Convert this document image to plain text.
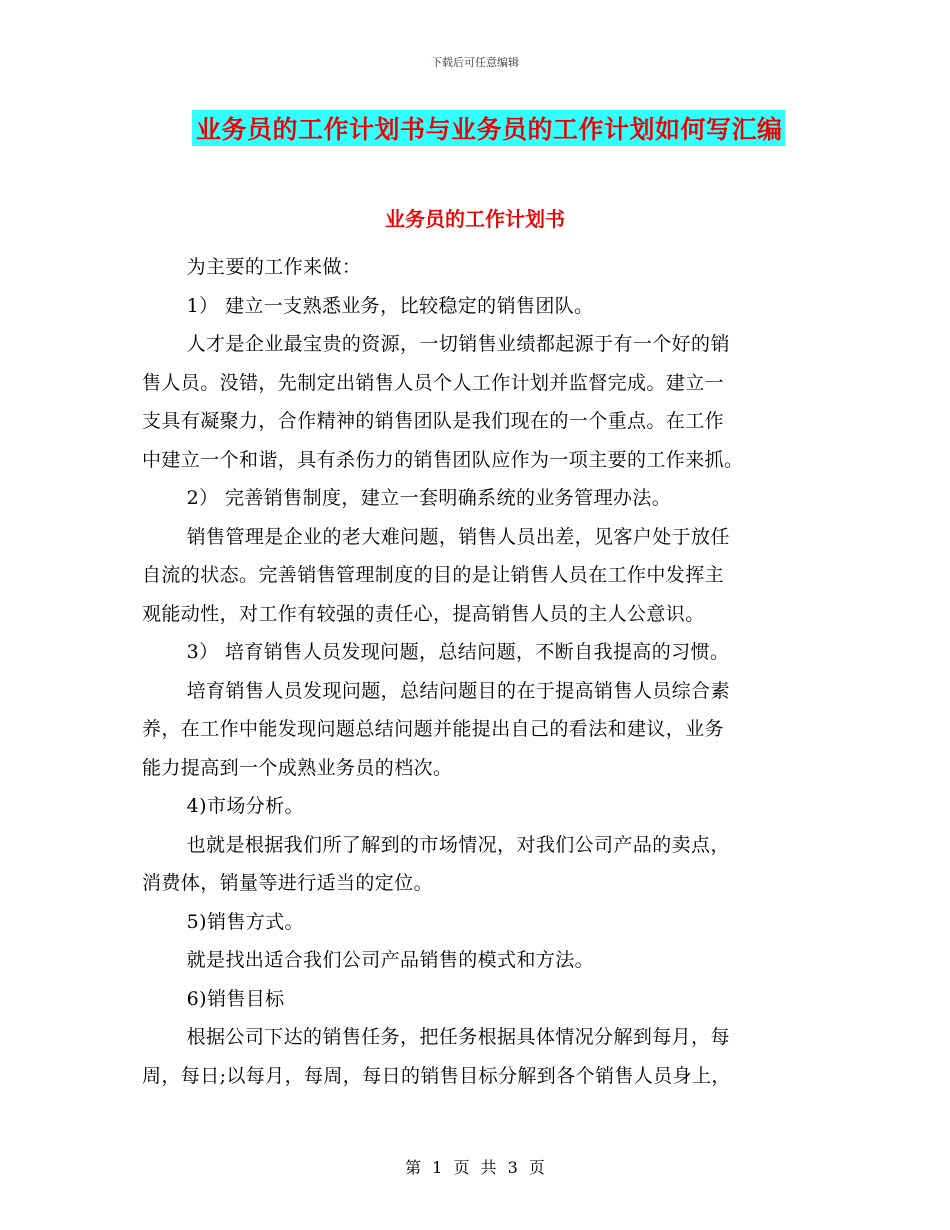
下载后可任意编辑
业务员的工作计划书与业务员的工作计划如何写汇编
业务员的工作计划书

为主要的工作来做：

1） 建立一支熟悉业务，比较稳定的销售团队。

人才是企业最宝贵的资源，一切销售业绩都起源于有一个好的销

售人员。没错，先制定出销售人员个人工作计划并监督完成。建立一

支具有凝聚力，合作精神的销售团队是我们现在的一个重点。在工作

中建立一个和谐，具有杀伤力的销售团队应作为一项主要的工作来抓。

2） 完善销售制度，建立一套明确系统的业务管理办法。

销售管理是企业的老大难问题，销售人员出差，见客户处于放任

自流的状态。完善销售管理制度的目的是让销售人员在工作中发挥主

观能动性，对工作有较强的责任心，提高销售人员的主人公意识。

3） 培育销售人员发现问题，总结问题，不断自我提高的习惯。

培育销售人员发现问题，总结问题目的在于提高销售人员综合素

养，在工作中能发现问题总结问题并能提出自己的看法和建议，业务

能力提高到一个成熟业务员的档次。

4)市场分析。

也就是根据我们所了解到的市场情况，对我们公司产品的卖点，

消费体，销量等进行适当的定位。

5)销售方式。

就是找出适合我们公司产品销售的模式和方法。

6)销售目标

根据公司下达的销售任务，把任务根据具体情况分解到每月，每

周，每日;以每月，每周，每日的销售目标分解到各个销售人员身上，

第 1 页 共 3 页
